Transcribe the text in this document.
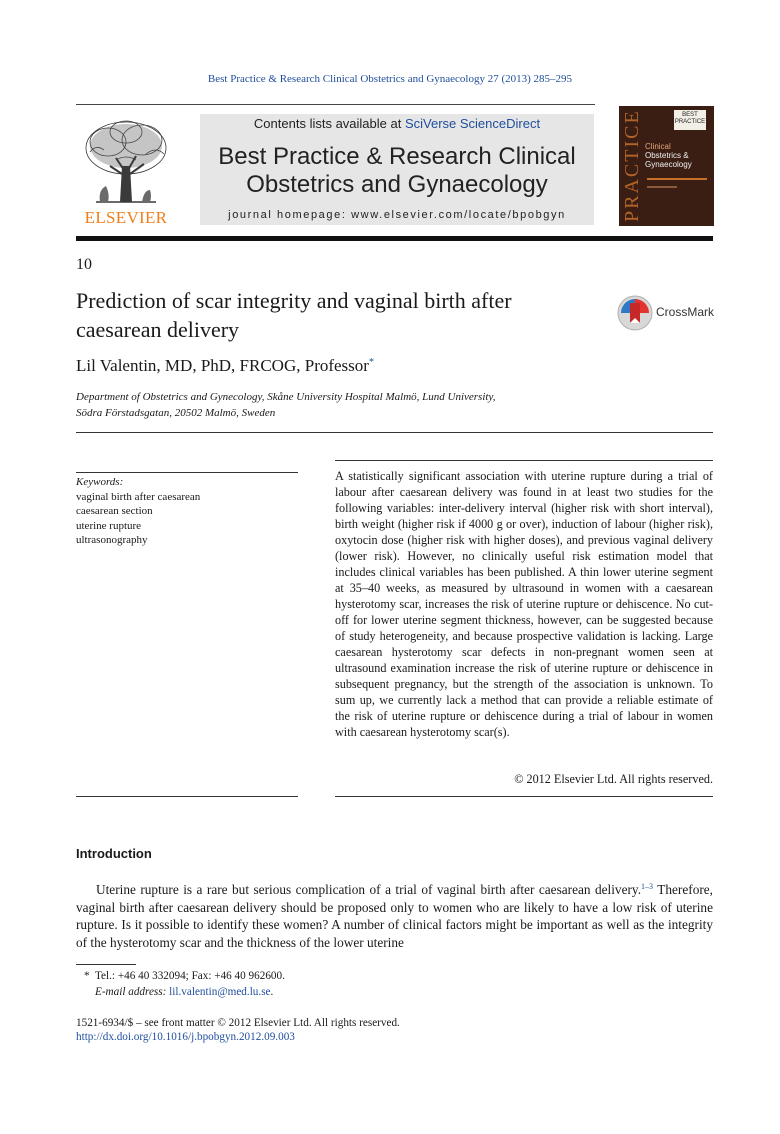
Best Practice & Research Clinical Obstetrics and Gynaecology 27 (2013) 285–295
ELSEVIER
Contents lists available at SciVerse ScienceDirect
Best Practice & Research Clinical
Obstetrics and Gynaecology
journal homepage: www.elsevier.com/locate/bpobgyn
BEST PRACTICE
PRACTICE Clinical
Obstetrics &
Gynaecology
10
Prediction of scar integrity and vaginal birth after caesarean delivery
CrossMark
Lil Valentin, MD, PhD, FRCOG, Professor*
Department of Obstetrics and Gynecology, Skåne University Hospital Malmö, Lund University,
Södra Förstadsgatan, 20502 Malmö, Sweden
Keywords:
vaginal birth after caesarean
caesarean section
uterine rupture
ultrasonography
A statistically significant association with uterine rupture during a trial of labour after caesarean delivery was found in at least two studies for the following variables: inter-delivery interval (higher risk with short interval), birth weight (higher risk if 4000 g or over), induction of labour (higher risk), oxytocin dose (higher risk with higher doses), and previous vaginal delivery (lower risk). However, no clinically useful risk estimation model that includes clinical variables has been published. A thin lower uterine segment at 35–40 weeks, as measured by ultrasound in women with a caesarean hysterotomy scar, increases the risk of uterine rupture or dehiscence. No cut-off for lower uterine segment thickness, however, can be suggested because of study heterogeneity, and because prospective validation is lacking. Large caesarean hysterotomy scar defects in non-pregnant women seen at ultrasound examination increase the risk of uterine rupture or dehiscence in subsequent pregnancy, but the strength of the association is unknown. To sum up, we currently lack a method that can provide a reliable estimate of the risk of uterine rupture or dehiscence during a trial of labour in women with caesarean hysterotomy scar(s).
© 2012 Elsevier Ltd. All rights reserved.
Introduction
Uterine rupture is a rare but serious complication of a trial of vaginal birth after caesarean delivery.$^{1-3}$ Therefore, vaginal birth after caesarean delivery should be proposed only to women who are likely to have a low risk of uterine rupture. Is it possible to identify these women? A number of clinical factors might be important as well as the integrity of the hysterotomy scar and the thickness of the lower uterine
* Tel.: +46 40 332094; Fax: +46 40 962600.
E-mail address: lil.valentin@med.lu.se.
1521-6934/$ – see front matter © 2012 Elsevier Ltd. All rights reserved.
http://dx.doi.org/10.1016/j.bpobgyn.2012.09.003
